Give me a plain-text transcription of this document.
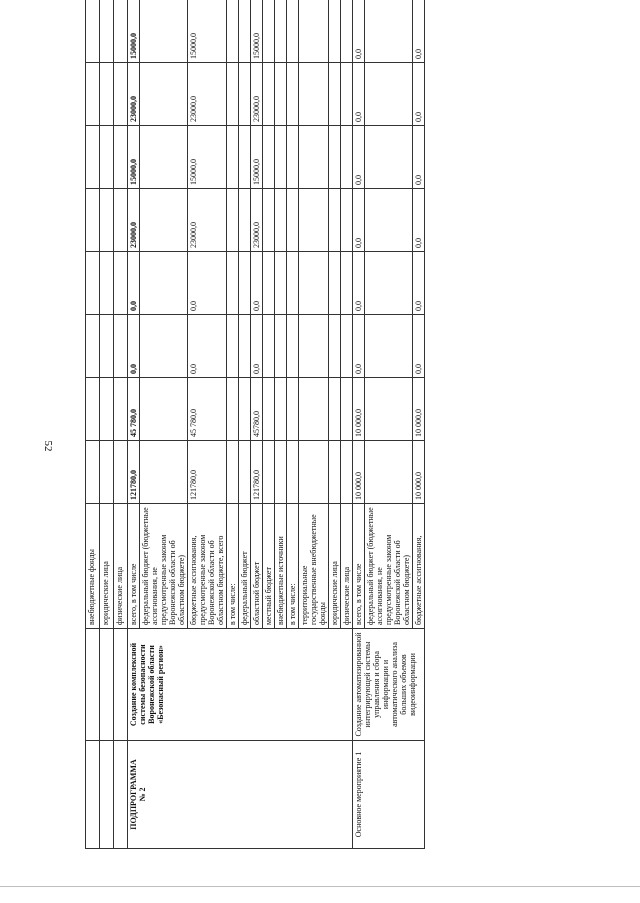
52
		внебюджетные фонды								
		юридические лица								
		физические лица								
ПОДПРОГРАММА
№ 2	Создание комплексной системы безопасности Воронежской области «Безопасный регион»	всего, в том числе	121780,0	45 780,0	0,0	0,0	23000,0	15000,0	23000,0	15000,0
		федеральный бюджет (бюджетные ассигнования, не предусмотренные законом Воронежской области об областном бюджете)								
		бюджетные ассигнования, предусмотренные законом Воронежской области об областном бюджете, всего	121780,0	45 780,0	0,0	0,0	23000,0	15000,0	23000,0	15000,0
		в том числе:								
		федеральный бюджет								
		областной бюджет	121780,0	45780,0	0,0	0,0	23000,0	15000,0	23000,0	15000,0
		местный бюджет								
		внебюджетные источники								
		в том числе:								
		территориальные государственные внебюджетные фонды								
		юридические лица								
		физические лица								
Основное мероприятие 1	Создание автоматизированной интегрирующей системы управления и сбора информации и автоматического анализа больших объемов видеоинформации	всего, в том числе	10 000,0	10 000,0	0,0	0,0	0,0	0,0	0,0	0,0
		федеральный бюджет (бюджетные ассигнования, не предусмотренные законом Воронежской области об областном бюджете)								
		бюджетные ассигнования,	10 000,0	10 000,0	0,0	0,0	0,0	0,0	0,0	0,0
